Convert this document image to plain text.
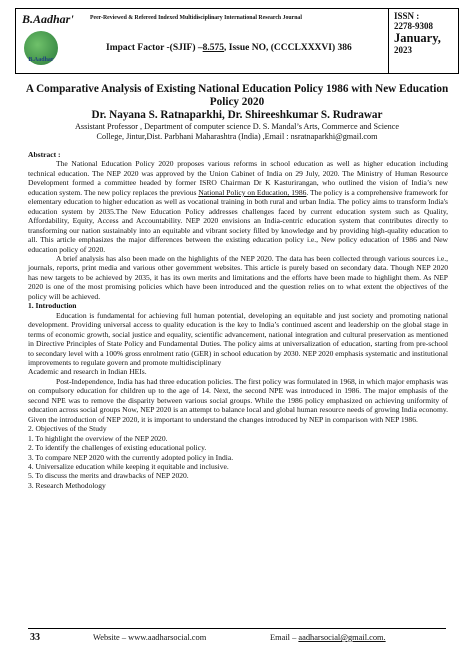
B.Aadhar'	Peer-Reviewed & Refereed Indexed Multidisciplinary International Research Journal
B.Aadhar
Impact Factor -(SJIF) –8.575, Issue NO, (CCCLXXXVI) 386
ISSN :
2278-9308
January,
2023
A Comparative Analysis of Existing National Education Policy 1986 with New Education Policy 2020
Dr. Nayana S. Ratnaparkhi, Dr. Shireeshkumar S. Rudrawar
Assistant Professor , Department of computer science D. S. Mandal’s Arts, Commerce and Science
College, Jintur,Dist. Parbhani Maharashtra (India) ,Email : nsratnaparkhi@gmail.com

Abstract :

The National Education Policy 2020 proposes various reforms in school education as well as higher education including technical education. The NEP 2020 was approved by the Union Cabinet of India on 29 July, 2020. The Ministry of Human Resource Development formed a committee headed by former ISRO Chairman Dr K Kasturirangan, who outlined the vision of India’s new education system. The new policy replaces the previous National Policy on Education, 1986. The policy is a comprehensive framework for elementary education to higher education as well as vocational training in both rural and urban India. The policy aims to transform India's education system by 2035.The New Education Policy addresses challenges faced by current education system such as Quality, Affordability, Equity, Access and Accountability. NEP 2020 envisions an India-centric education system that contributes directly to transforming our nation sustainably into an equitable and vibrant society filled by knowledge and by providing high-quality education to all. This article emphasizes the major differences between the existing education policy i.e., New policy education of 1986 and New education policy of 2020.

A brief analysis has also been made on the highlights of the NEP 2020. The data has been collected through various sources i.e., journals, reports, print media and various other government websites. This article is purely based on secondary data. Though NEP 2020 has new targets to be achieved by 2035, it has its own merits and limitations and the efforts have been made to highlight them. As NEP 2020 is one of the most promising policies which have been introduced and the question relies on to what extent the objectives of the policy will be achieved.

1. Introduction

Education is fundamental for achieving full human potential, developing an equitable and just society and promoting national development. Providing universal access to quality education is the key to India’s continued ascent and leadership on the global stage in terms of economic growth, social justice and equality, scientific advancement, national integration and cultural preservation as mentioned in Directive Principles of State Policy and Fundamental Duties. The policy aims at universalization of education, starting from pre-school to secondary level with a 100% gross enrolment ratio (GER) in school education by 2030. NEP 2020 emphasis systematic and institutional improvements to regulate govern and promote multidisciplinary

Academic and research in Indian HEIs.

Post-Independence, India has had three education policies. The first policy was formulated in 1968, in which major emphasis was on compulsory education for children up to the age of 14. Next, the second NPE was introduced in 1986. The major emphasis of the second NPE was to remove the disparity between various social groups. While the 1986 policy emphasized on achieving uniformity of education across social groups Now, NEP 2020 is an attempt to balance local and global human resource needs of growing India economy. Given the introduction of NEP 2020, it is important to understand the changes introduced by NEP in comparison with NEP 1986.

2. Objectives of the Study

1. To highlight the overview of the NEP 2020.

2. To identify the challenges of existing educational policy.

3. To compare NEP 2020 with the currently adopted policy in India.

4. Universalize education while keeping it equitable and inclusive.

5. To discuss the merits and drawbacks of NEP 2020.

3. Research Methodology

33	Website – www.aadharsocial.com	Email – aadharsocial@gmail.com.
